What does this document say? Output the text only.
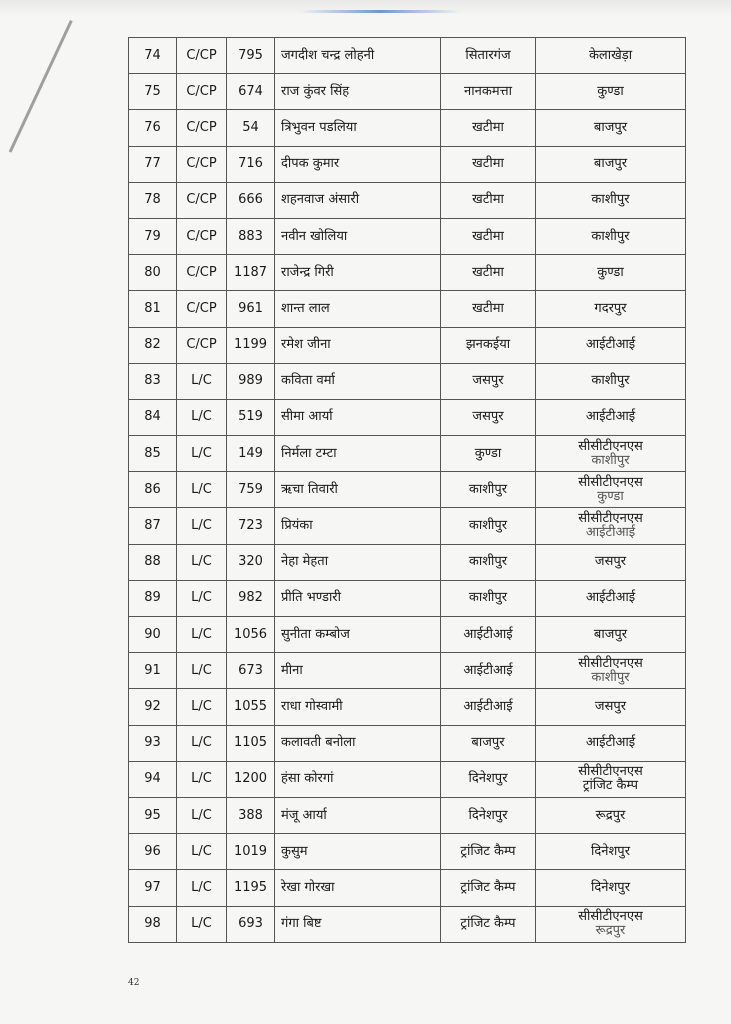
74	C/CP	795	जगदीश चन्द्र लोहनी	सितारगंज	केलाखेड़ा

75	C/CP	674	राज कुंवर सिंह	नानकमत्ता	कुण्डा

76	C/CP	54	त्रिभुवन पडलिया	खटीमा	बाजपुर

77	C/CP	716	दीपक कुमार	खटीमा	बाजपुर

78	C/CP	666	शहनवाज अंसारी	खटीमा	काशीपुर

79	C/CP	883	नवीन खोलिया	खटीमा	काशीपुर

80	C/CP	1187	राजेन्द्र गिरी	खटीमा	कुण्डा

81	C/CP	961	शान्त लाल	खटीमा	गदरपुर

82	C/CP	1199	रमेश जीना	झनकईया	आईटीआई

83	L/C	989	कविता वर्मा	जसपुर	काशीपुर

84	L/C	519	सीमा आर्या	जसपुर	आईटीआई

85	L/C	149	निर्मला टम्टा	कुण्डा	सीसीटीएनएस
काशीपुर

86	L/C	759	ऋचा तिवारी	काशीपुर	सीसीटीएनएस
कुण्डा

87	L/C	723	प्रियंका	काशीपुर	सीसीटीएनएस
आईटीआई

88	L/C	320	नेहा मेहता	काशीपुर	जसपुर

89	L/C	982	प्रीति भण्डारी	काशीपुर	आईटीआई

90	L/C	1056	सुनीता कम्बोज	आईटीआई	बाजपुर

91	L/C	673	मीना	आईटीआई	सीसीटीएनएस
काशीपुर

92	L/C	1055	राधा गोस्वामी	आईटीआई	जसपुर

93	L/C	1105	कलावती बनोला	बाजपुर	आईटीआई

94	L/C	1200	हंसा कोरगां	दिनेशपुर	सीसीटीएनएस
ट्रांजिट कैम्प

95	L/C	388	मंजू आर्या	दिनेशपुर	रूद्रपुर

96	L/C	1019	कुसुम	ट्रांजिट कैम्प	दिनेशपुर

97	L/C	1195	रेखा गोरखा	ट्रांजिट कैम्प	दिनेशपुर

98	L/C	693	गंगा बिष्ट	ट्रांजिट कैम्प	सीसीटीएनएस
रूद्रपुर
42
